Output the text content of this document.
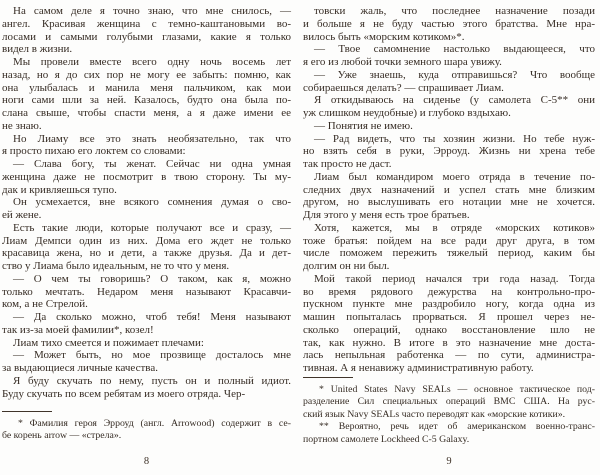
На самом деле я точно знаю, что мне снилось, —
ангел. Красивая женщина с темно-каштановыми во-
лосами и самыми голубыми глазами, какие я только
видел в жизни.
Мы провели вместе всего одну ночь восемь лет
назад, но я до сих пор не могу ее забыть: помню, как
она улыбалась и манила меня пальчиком, как мои
ноги сами шли за ней. Казалось, будто она была по-
слана свыше, чтобы спасти меня, а я даже имени ее
не знаю.
Но Лиаму все это знать необязательно, так что
я просто пихаю его локтем со словами:
— Слава богу, ты женат. Сейчас ни одна умная
женщина даже не посмотрит в твою сторону. Ты му-
дак и кривляешься тупо.
Он усмехается, вне всякого сомнения думая о сво-
ей жене.
Есть такие люди, которые получают все и сразу, —
Лиам Демпси один из них. Дома его ждет не только
красавица жена, но и дети, а также друзья. Да и дет-
ство у Лиама было идеальным, не то что у меня.
— О чем ты говоришь? О таком, как я, можно
только мечтать. Недаром меня называют Красавчи-
ком, а не Стрелой.
— Да сколько можно, чтоб тебя! Меня называют
так из-за моей фамилии*, козел!
Лиам тихо смеется и пожимает плечами:
— Может быть, но мое прозвище досталось мне
за выдающиеся личные качества.
Я буду скучать по нему, пусть он и полный идиот.
Буду скучать по всем ребятам из моего отряда. Чер-
* Фамилия героя Эрроуд (англ. Arrowood) содержит в се-
бе корень arrow — «стрела».
8
товски жаль, что последнее назначение позади
и больше я не буду частью этого братства. Мне нра-
вилось быть «морским котиком»*.
— Твое самомнение настолько выдающееся, что
я его из любой точки земного шара увижу.
— Уже знаешь, куда отправишься? Что вообще
собираешься делать? — спрашивает Лиам.
Я откидываюсь на сиденье (у самолета С-5** они
уж слишком неудобные) и глубоко вздыхаю.
— Понятия не имею.
— Рад видеть, что ты хозяин жизни. Но тебе нуж-
но взять себя в руки, Эрроуд. Жизнь ни хрена тебе
так просто не даст.
Лиам был командиром моего отряда в течение по-
следних двух назначений и успел стать мне близким
другом, но выслушивать его нотации мне не хочется.
Для этого у меня есть трое братьев.
Хотя, кажется, мы в отряде «морских котиков»
тоже братья: пойдем на все ради друг друга, в том
числе поможем пережить тяжелый период, каким бы
долгим он ни был.
Мой такой период начался три года назад. Тогда
во время рядового дежурства на контрольно-про-
пускном пункте мне раздробило ногу, когда одна из
машин попыталась прорваться. Я прошел через не-
сколько операций, однако восстановление шло не
так, как нужно. В итоге в это назначение мне доста-
лась непыльная работенка — по сути, администра-
тивная. А я ненавижу административную работу.
* United States Navy SEALs — основное тактическое под-
разделение Сил специальных операций ВМС США. На рус-
ский язык Navy SEALs часто переводят как «морские котики».
** Вероятно, речь идет об американском военно-транс-
портном самолете Lockheed C-5 Galaxy.
9
